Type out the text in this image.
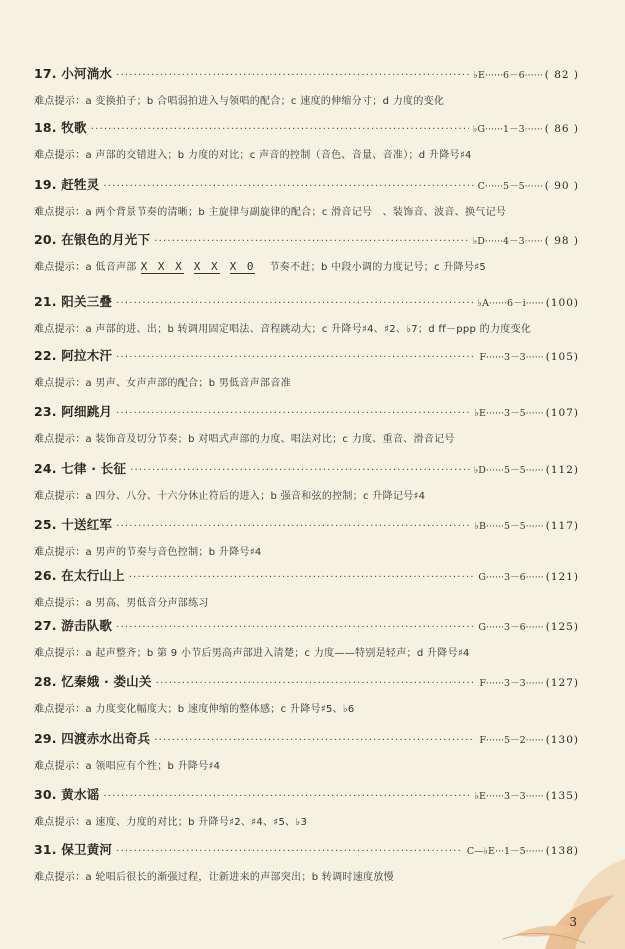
17. 小河淌水 ·····	♭E······6－6······ ( 82 )
难点提示：a 变换拍子；b 合唱弱拍进入与领唱的配合；c 速度的伸缩分寸；d 力度的变化
18. 牧歌 ·····	♭G······1－3······ ( 86 )
难点提示：a 声部的交错进入；b 力度的对比；c 声音的控制（音色、音量、音准）；d 升降号♯4
19. 赶牲灵 ·····	C······5－5······ ( 90 )
难点提示：a 两个背景节奏的清晰；b 主旋律与副旋律的配合；c 滑音记号　、装饰音、波音、换气记号
20. 在银色的月光下 ·····	♭D······4－3······ ( 98 )
难点提示：a 低音声部 X X X X X X 0 节奏不赶；b 中段小调的力度记号；c 升降号♯5
21. 阳关三叠 ·····	♭A······6－i······ (100)
难点提示：a 声部的进、出；b 转调用固定唱法、音程跳动大；c 升降号♯4、♯2、♭7；d ff－ppp 的力度变化
22. 阿拉木汗 ·····	F······3－3······ (105)
难点提示：a 男声、女声声部的配合；b 男低音声部音准
23. 阿细跳月 ·····	♭E······3－5······ (107)
难点提示：a 装饰音及切分节奏；b 对唱式声部的力度、唱法对比；c 力度、重音、滑音记号
24. 七律 · 长征 ·····	♭D······5－5······ (112)
难点提示：a 四分、八分、十六分休止符后的进入；b 强音和弦的控制；c 升降记号♯4
25. 十送红军 ·····	♭B······5－5······ (117)
难点提示：a 男声的节奏与音色控制；b 升降号♯4
26. 在太行山上 ·····	G······3－6······ (121)
难点提示：a 男高、男低音分声部练习
27. 游击队歌 ·····	G······3－6······ (125)
难点提示：a 起声整齐；b 第 9 小节后男高声部进入清楚；c 力度——特别是轻声；d 升降号♯4
28. 忆秦娥 · 娄山关 ·····	F······3－3······ (127)
难点提示：a 力度变化幅度大；b 速度伸缩的整体感；c 升降号♯5、♭6
29. 四渡赤水出奇兵 ·····	F······5－2······ (130)
难点提示：a 领唱应有个性；b 升降号♯4
30. 黄水谣 ·····	♭E······3－3······ (135)
难点提示：a 速度、力度的对比；b 升降号♯2、♯4、♯5、♭3
31. 保卫黄河 ·····	C—♭E···1－5······ (138)
难点提示：a 轮唱后很长的渐强过程，让新进来的声部突出；b 转调时速度放慢
3
